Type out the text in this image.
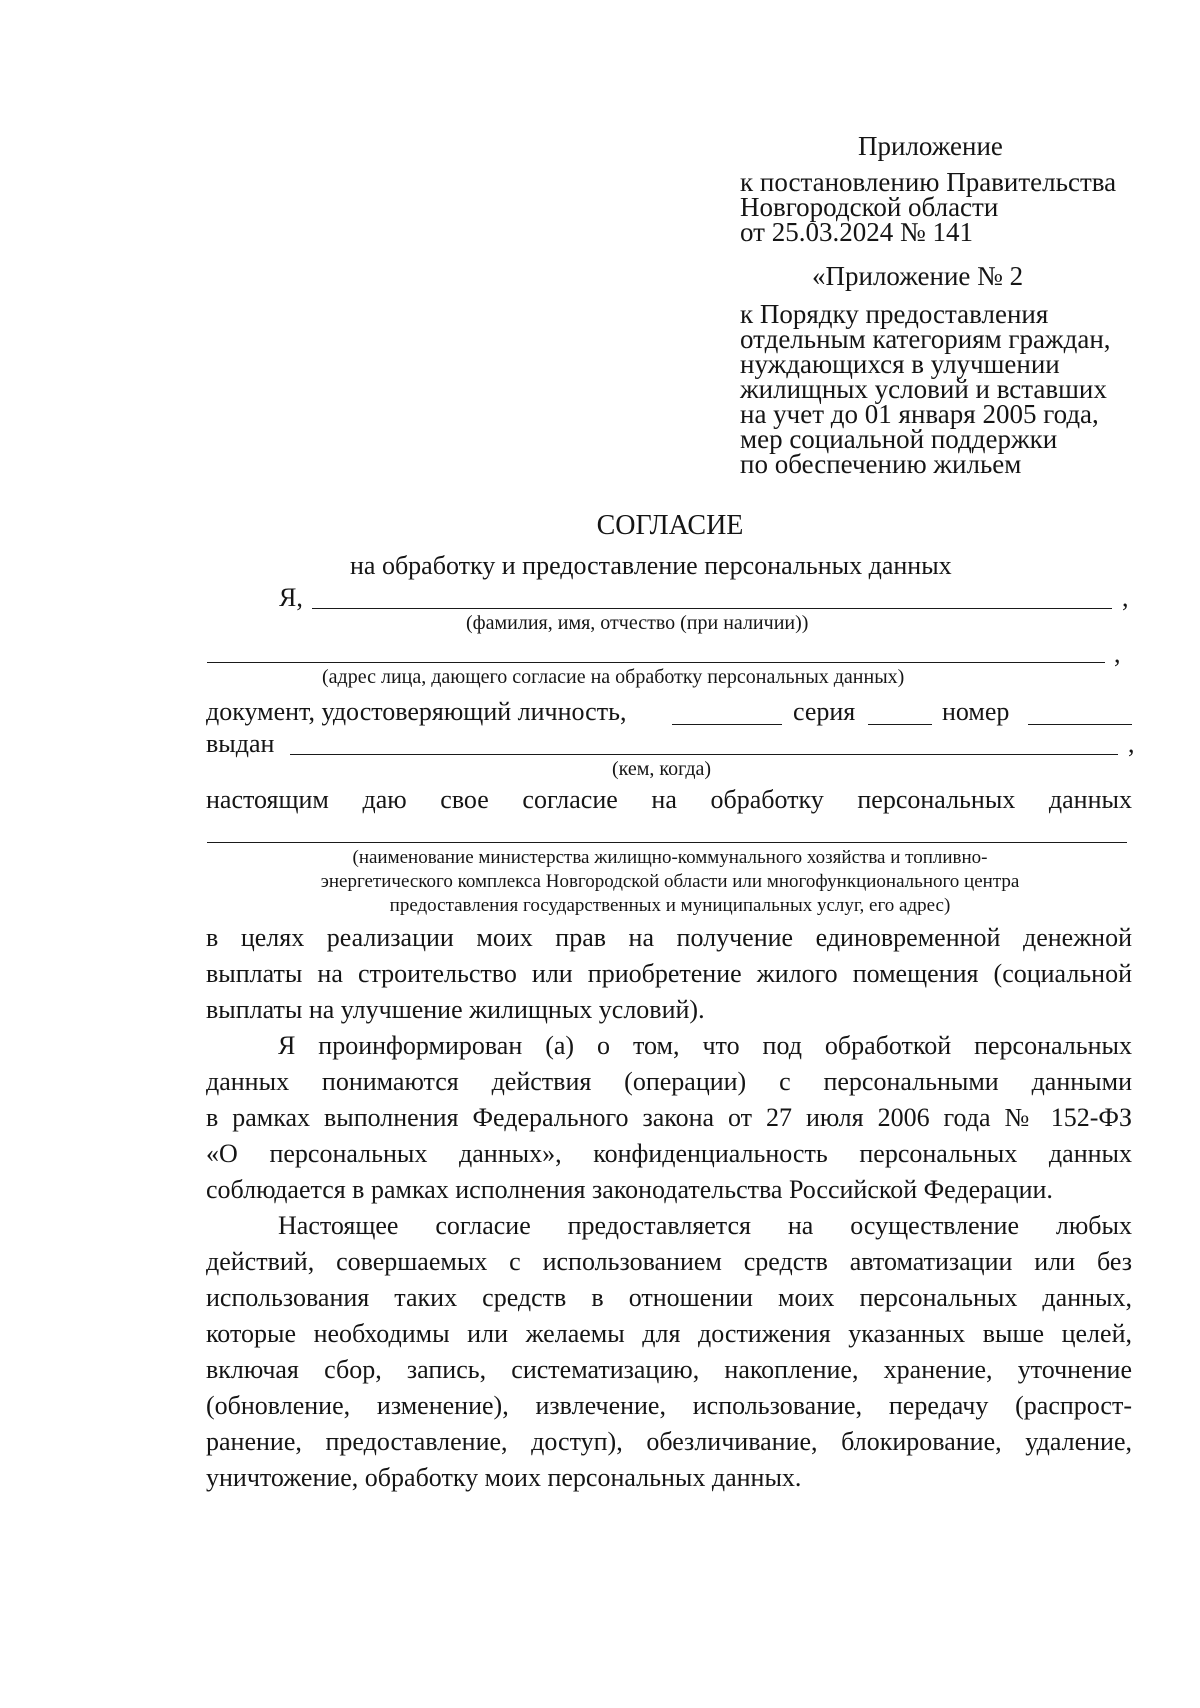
Приложение
к постановлению Правительства
Новгородской области
от 25.03.2024 № 141
«Приложение № 2
к Порядку предоставления
отдельным категориям граждан,
нуждающихся в улучшении
жилищных условий и вставших
на учет до 01 января 2005 года,
мер социальной поддержки
по обеспечению жильем
СОГЛАСИЕ
на обработку и предоставление персональных данных
Я,	,
(фамилия, имя, отчество (при наличии))
,
(адрес лица, дающего согласие на обработку персональных данных)
документ, удостоверяющий личность,	серия	номер
выдан	,
(кем, когда)
настоящим даю свое согласие на обработку персональных данных
(наименование министерства жилищно-коммунального хозяйства и топливно-
энергетического комплекса Новгородской области или многофункционального центра
предоставления государственных и муниципальных услуг, его адрес)
в целях реализации моих прав на получение единовременной денежной
выплаты на строительство или приобретение жилого помещения (социальной
выплаты на улучшение жилищных условий).
Я проинформирован (а) о том, что под обработкой персональных
данных понимаются действия (операции) с персональными данными
в рамках выполнения Федерального закона от 27 июля 2006 года № 152-ФЗ
«О персональных данных», конфиденциальность персональных данных
соблюдается в рамках исполнения законодательства Российской Федерации.
Настоящее согласие предоставляется на осуществление любых
действий, совершаемых с использованием средств автоматизации или без
использования таких средств в отношении моих персональных данных,
которые необходимы или желаемы для достижения указанных выше целей,
включая сбор, запись, систематизацию, накопление, хранение, уточнение
(обновление, изменение), извлечение, использование, передачу (распрост-
ранение, предоставление, доступ), обезличивание, блокирование, удаление,
уничтожение, обработку моих персональных данных.
